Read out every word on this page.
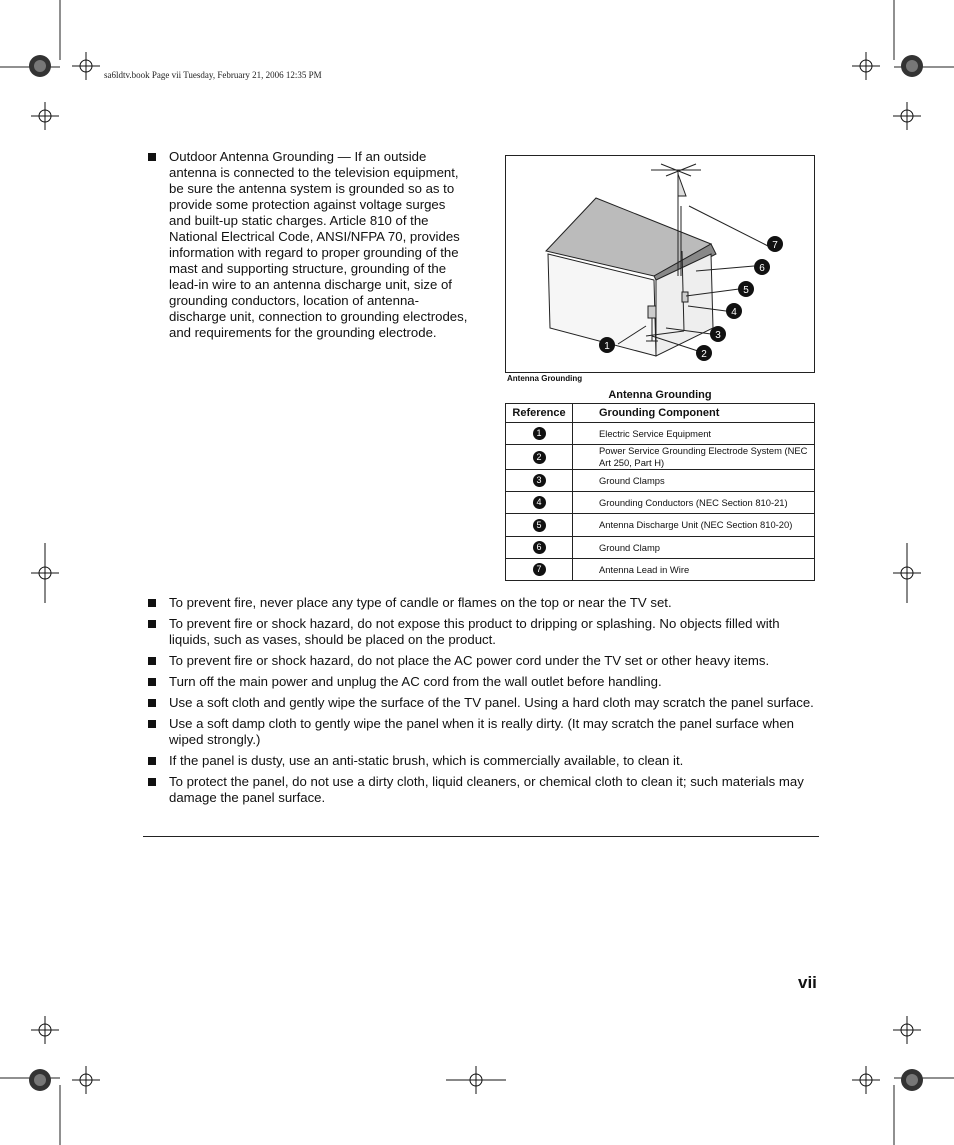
sa6ldtv.book Page vii Tuesday, February 21, 2006 12:35 PM
Outdoor Antenna Grounding — If an outside antenna is connected to the television equipment, be sure the antenna system is grounded so as to provide some protection against voltage surges and built-up static charges. Article 810 of the National Electrical Code, ANSI/NFPA 70, provides information with regard to proper grounding of the mast and supporting structure, grounding of the lead-in wire to an antenna discharge unit, size of grounding conductors, location of antenna-discharge unit, connection to grounding electrodes, and requirements for the grounding electrode.
1
2
3
4
5
6
7
Antenna Grounding
Antenna Grounding
Reference	Grounding Component
1	Electric Service Equipment
2	Power Service Grounding Electrode System (NEC Art 250, Part H)
3	Ground Clamps
4	Grounding Conductors (NEC Section 810-21)
5	Antenna Discharge Unit (NEC Section 810-20)
6	Ground Clamp
7	Antenna Lead in Wire
To prevent fire, never place any type of candle or flames on the top or near the TV set.
To prevent fire or shock hazard, do not expose this product to dripping or splashing. No objects filled with liquids, such as vases, should be placed on the product.
To prevent fire or shock hazard, do not place the AC power cord under the TV set or other heavy items.
Turn off the main power and unplug the AC cord from the wall outlet before handling.
Use a soft cloth and gently wipe the surface of the TV panel. Using a hard cloth may scratch the panel surface.
Use a soft damp cloth to gently wipe the panel when it is really dirty. (It may scratch the panel surface when wiped strongly.)
If the panel is dusty, use an anti-static brush, which is commercially available, to clean it.
To protect the panel, do not use a dirty cloth, liquid cleaners, or chemical cloth to clean it; such materials may damage the panel surface.
vii
